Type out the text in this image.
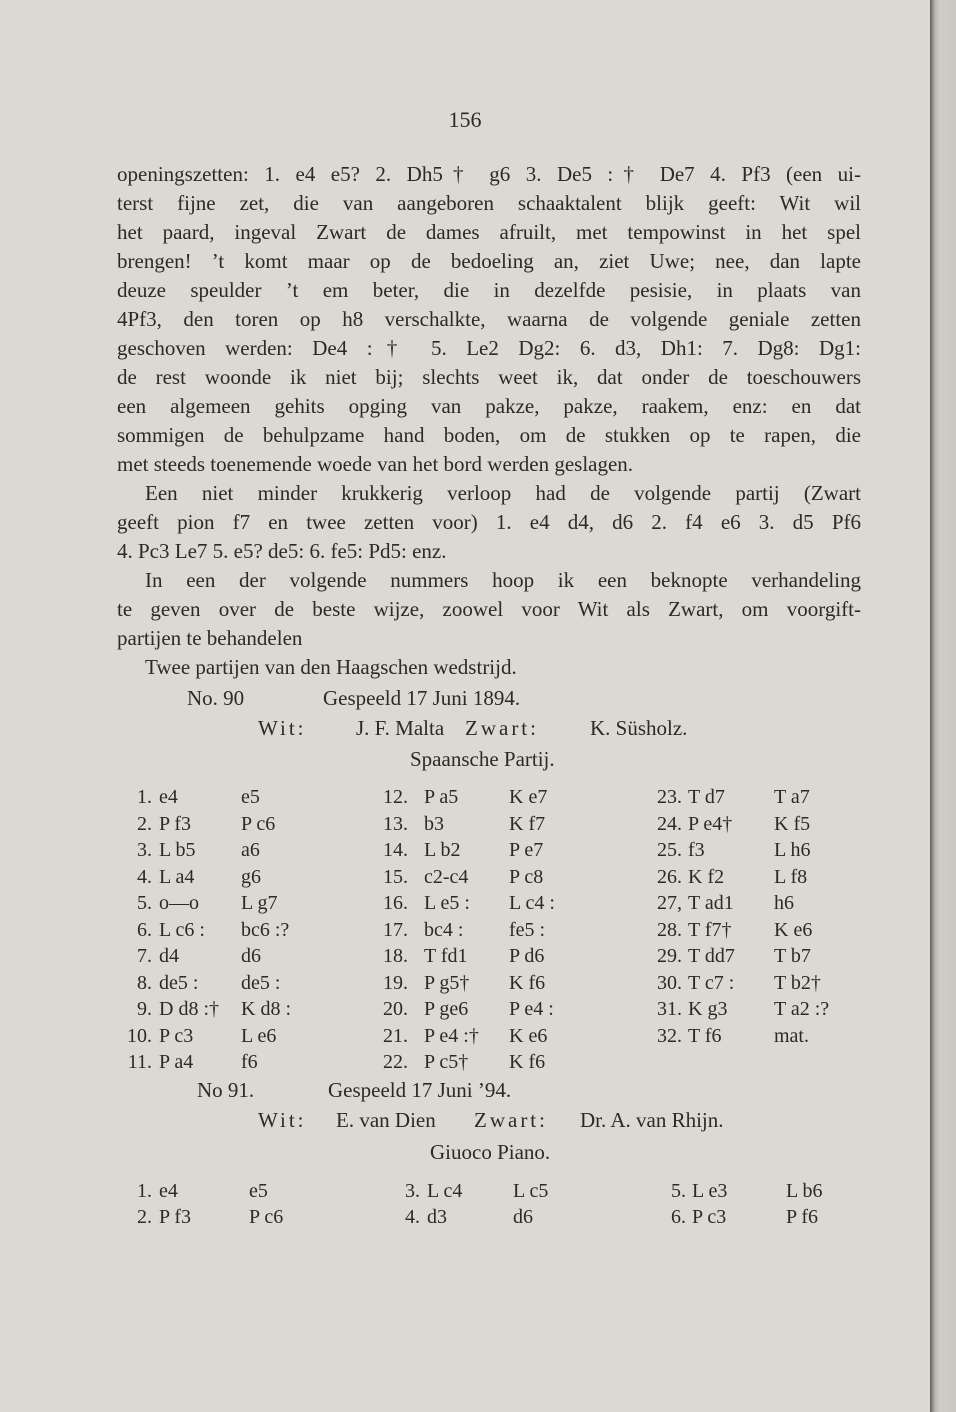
156
openingszetten: 1. e4 e5? 2. Dh5† g6 3. De5 :† De7 4. Pf3 (een ui-
terst fijne zet, die van aangeboren schaaktalent blijk geeft: Wit wil
het paard, ingeval Zwart de dames afruilt, met tempowinst in het spel
brengen! ’t komt maar op de bedoeling an, ziet Uwe; nee, dan lapte
deuze speulder ’t em beter, die in dezelfde pesisie, in plaats van
4Pf3, den toren op h8 verschalkte, waarna de volgende geniale zetten
geschoven werden: De4 :† 5. Le2 Dg2: 6. d3, Dh1: 7. Dg8: Dg1:
de rest woonde ik niet bij; slechts weet ik, dat onder de toeschouwers
een algemeen gehits opging van pakze, pakze, raakem, enz: en dat
sommigen de behulpzame hand boden, om de stukken op te rapen, die
met steeds toenemende woede van het bord werden geslagen.
Een niet minder krukkerig verloop had de volgende partij (Zwart
geeft pion f7 en twee zetten voor) 1. e4 d4, d6 2. f4 e6 3. d5 Pf6
4. Pc3 Le7 5. e5? de5: 6. fe5: Pd5: enz.
In een der volgende nummers hoop ik een beknopte verhandeling
te geven over de beste wijze, zoowel voor Wit als Zwart, om voorgift-
partijen te behandelen
Twee partijen van den Haagschen wedstrijd.
No. 90	Gespeeld 17 Juni 1894.
Wit: J. F. Malta Zwart: K. Süsholz.
Spaansche Partij.
1. e4	e5
2. P f3 P c6
3. L b5 a6
4. L a4 g6
5. o—o L g7
6. L c6 : bc6 :?
7. d4	d6
8. de5 : de5 :
9. D d8 :† K d8 :
10. P c3 L e6
11. P a4 f6
12. P a5	K e7
13. b3	K f7
14. L b2 P e7
15. c2-c4 P c8
16. L e5 : L c4 :
17. bc4 : fe5 :
18. T fd1 P d6
19. P g5† K f6
20. P ge6 P e4 :
21. P e4 :† K e6
22. P c5† K f6
23. T d7 T a7
24. P e4† K f5
25. f3	L h6
26. K f2 L f8
27, T ad1 h6
28. T f7† K e6
29. T dd7 T b7
30. T c7 : T b2†
31. K g3 T a2 :?
32. T f6	mat.
No 91.	Gespeeld 17 Juni ’94.
Wit: E. van Dien Zwart: Dr. A. van Rhijn.
Giuoco Piano.
1. e4	e5
2. P f3	P c6
3. L c4	L c5
4. d3	d6
5. L e3	L b6
6. P c3	P f6
